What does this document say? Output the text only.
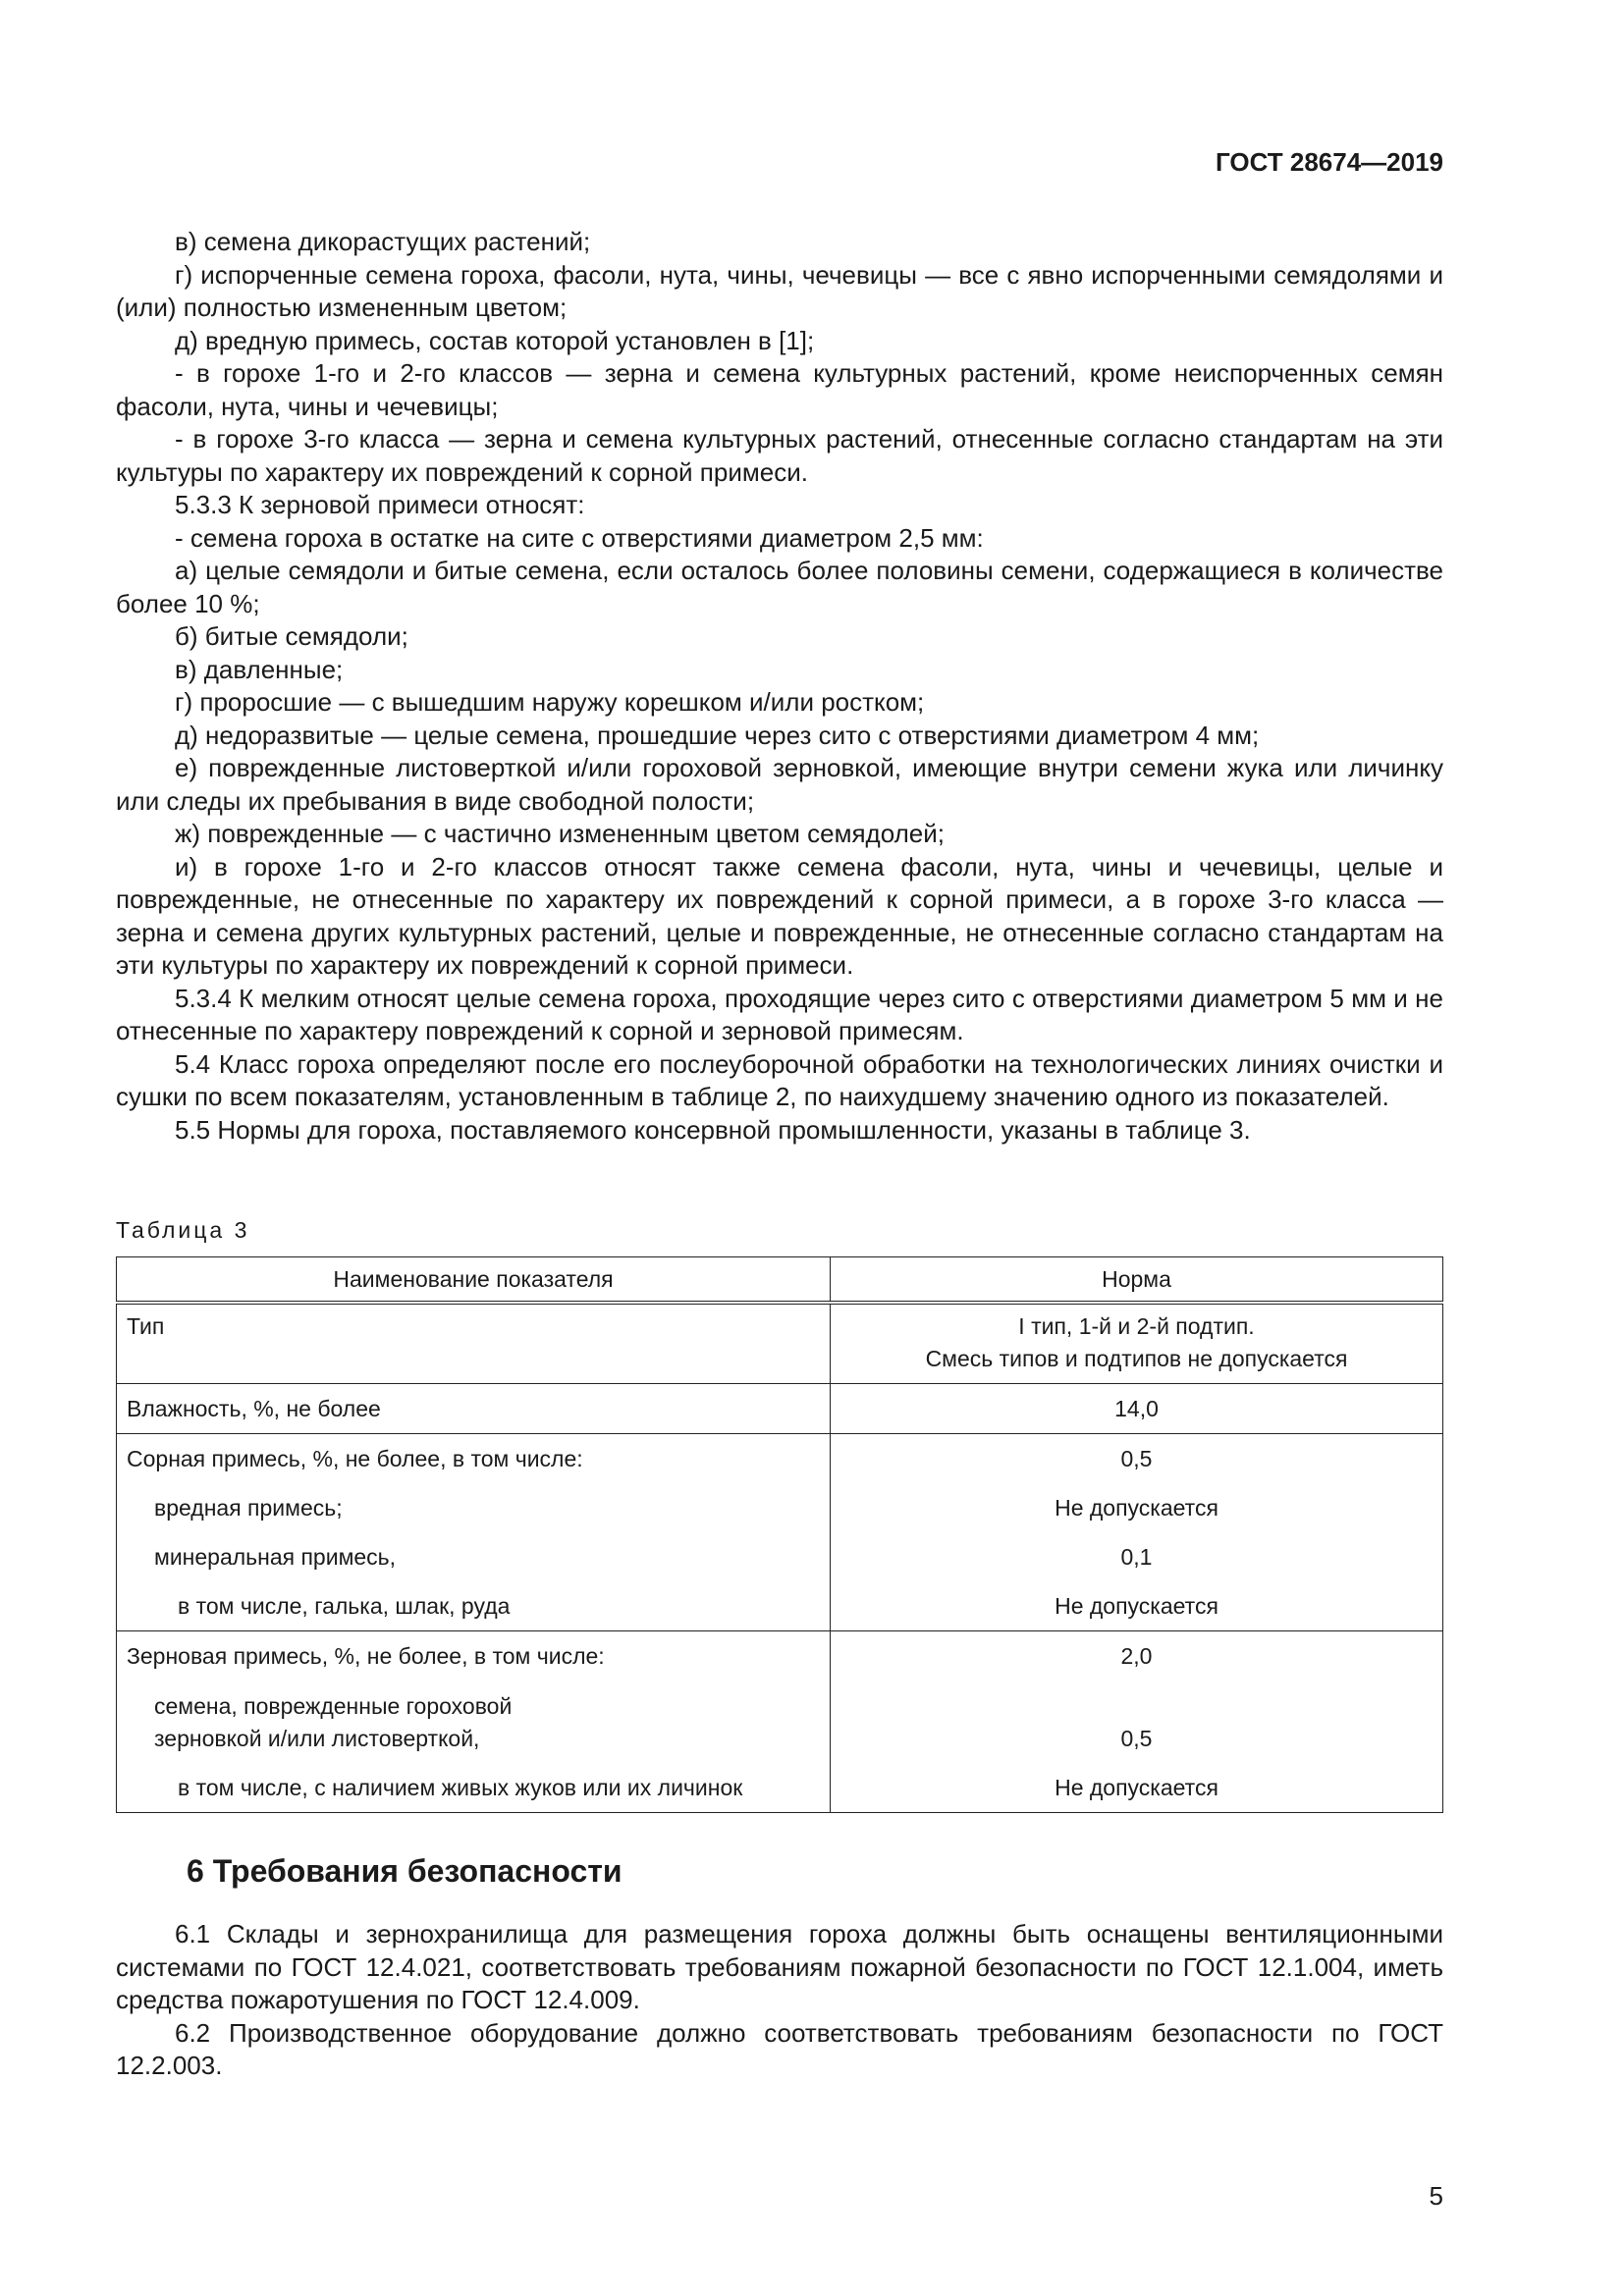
ГОСТ 28674—2019

в) семена дикорастущих растений;

г) испорченные семена гороха, фасоли, нута, чины, чечевицы — все с явно испорченными семядолями и (или) полностью измененным цветом;

д) вредную примесь, состав которой установлен в [1];

- в горохе 1-го и 2-го классов — зерна и семена культурных растений, кроме неиспорченных семян фасоли, нута, чины и чечевицы;

- в горохе 3-го класса — зерна и семена культурных растений, отнесенные согласно стандартам на эти культуры по характеру их повреждений к сорной примеси.

5.3.3 К зерновой примеси относят:

- семена гороха в остатке на сите с отверстиями диаметром 2,5 мм:

а) целые семядоли и битые семена, если осталось более половины семени, содержащиеся в количестве более 10 %;

б) битые семядоли;

в) давленные;

г) проросшие — с вышедшим наружу корешком и/или ростком;

д) недоразвитые — целые семена, прошедшие через сито с отверстиями диаметром 4 мм;

е) поврежденные листоверткой и/или гороховой зерновкой, имеющие внутри семени жука или личинку или следы их пребывания в виде свободной полости;

ж) поврежденные — с частично измененным цветом семядолей;

и) в горохе 1-го и 2-го классов относят также семена фасоли, нута, чины и чечевицы, целые и поврежденные, не отнесенные по характеру их повреждений к сорной примеси, а в горохе 3-го класса — зерна и семена других культурных растений, целые и поврежденные, не отнесенные согласно стандартам на эти культуры по характеру их повреждений к сорной примеси.

5.3.4 К мелким относят целые семена гороха, проходящие через сито с отверстиями диаметром 5 мм и не отнесенные по характеру повреждений к сорной и зерновой примесям.

5.4 Класс гороха определяют после его послеуборочной обработки на технологических линиях очистки и сушки по всем показателям, установленным в таблице 2, по наихудшему значению одного из показателей.

5.5 Нормы для гороха, поставляемого консервной промышленности, указаны в таблице 3.

Таблица 3
Наименование показателя	Норма

Тип	I тип, 1-й и 2-й подтип.
Смесь типов и подтипов не допускается

Влажность, %, не более	14,0

Сорная примесь, %, не более, в том числе:	0,5

вредная примесь;	Не допускается

минеральная примесь,	0,1

в том числе, галька, шлак, руда	Не допускается

Зерновая примесь, %, не более, в том числе:	2,0

семена, поврежденные гороховой
зерновкой и/или листоверткой,	0,5

в том числе, с наличием живых жуков или их личинок	Не допускается
6 Требования безопасности

6.1 Склады и зернохранилища для размещения гороха должны быть оснащены вентиляционными системами по ГОСТ 12.4.021, соответствовать требованиям пожарной безопасности по ГОСТ 12.1.004, иметь средства пожаротушения по ГОСТ 12.4.009.

6.2 Производственное оборудование должно соответствовать требованиям безопасности по ГОСТ 12.2.003.

5
